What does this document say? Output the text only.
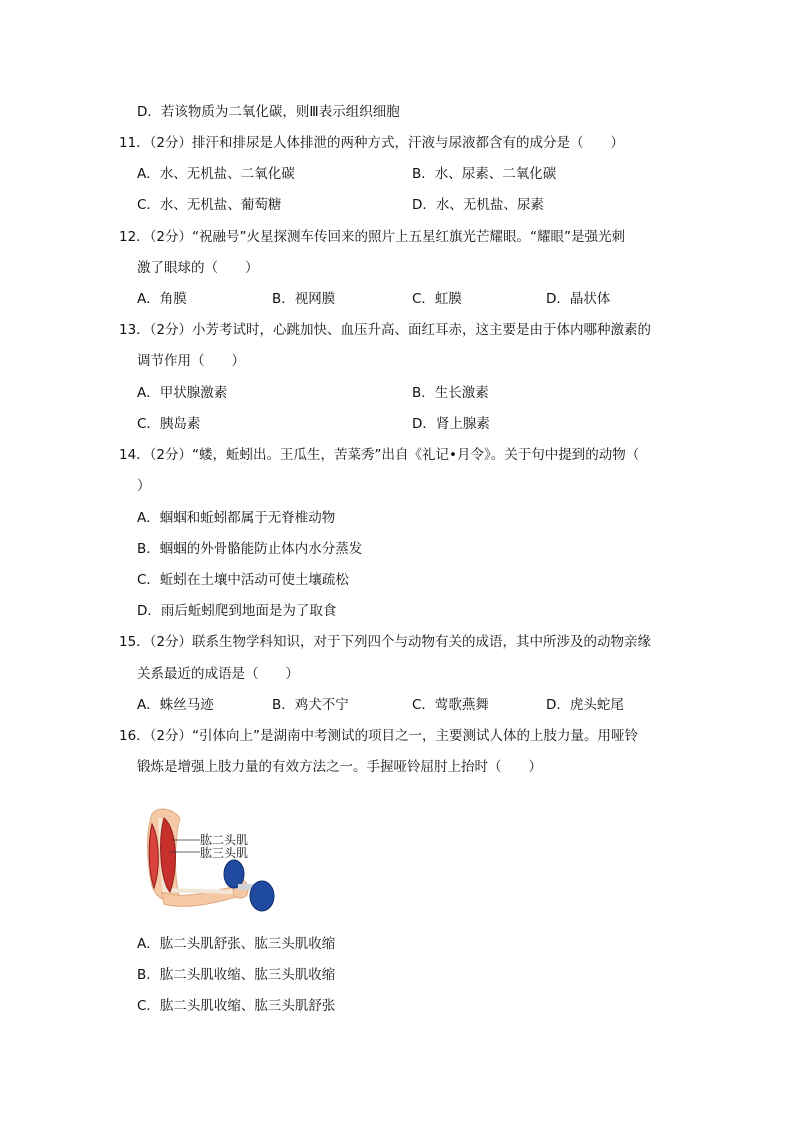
D．若该物质为二氧化碳，则Ⅲ表示组织细胞
11．（2分）排汗和排尿是人体排泄的两种方式，汗液与尿液都含有的成分是（　　）
A．水、无机盐、二氧化碳	B．水、尿素、二氧化碳
C．水、无机盐、葡萄糖	D．水、无机盐、尿素
12．（2分）“祝融号”火星探测车传回来的照片上五星红旗光芒耀眼。“耀眼”是强光刺
激了眼球的（　　）
A．角膜	B．视网膜	C．虹膜	D．晶状体
13．（2分）小芳考试时，心跳加快、血压升高、面红耳赤，这主要是由于体内哪种激素的
调节作用（　　）
A．甲状腺激素	B．生长激素
C．胰岛素	D．肾上腺素
14．（2分）“蝼，蚯蚓出。王瓜生，苦菜秀”出自《礼记•月令》。关于句中提到的动物（
）
A．蝈蝈和蚯蚓都属于无脊椎动物
B．蝈蝈的外骨骼能防止体内水分蒸发
C．蚯蚓在土壤中活动可使土壤疏松
D．雨后蚯蚓爬到地面是为了取食
15．（2分）联系生物学科知识，对于下列四个与动物有关的成语，其中所涉及的动物亲缘
关系最近的成语是（　　）
A．蛛丝马迹	B．鸡犬不宁	C．莺歌燕舞	D．虎头蛇尾
16．（2分）“引体向上”是湖南中考测试的项目之一，主要测试人体的上肢力量。用哑铃
锻炼是增强上肢力量的有效方法之一。手握哑铃屈肘上抬时（　　）
肱二头肌
肱三头肌
A．肱二头肌舒张、肱三头肌收缩
B．肱二头肌收缩、肱三头肌收缩
C．肱二头肌收缩、肱三头肌舒张
